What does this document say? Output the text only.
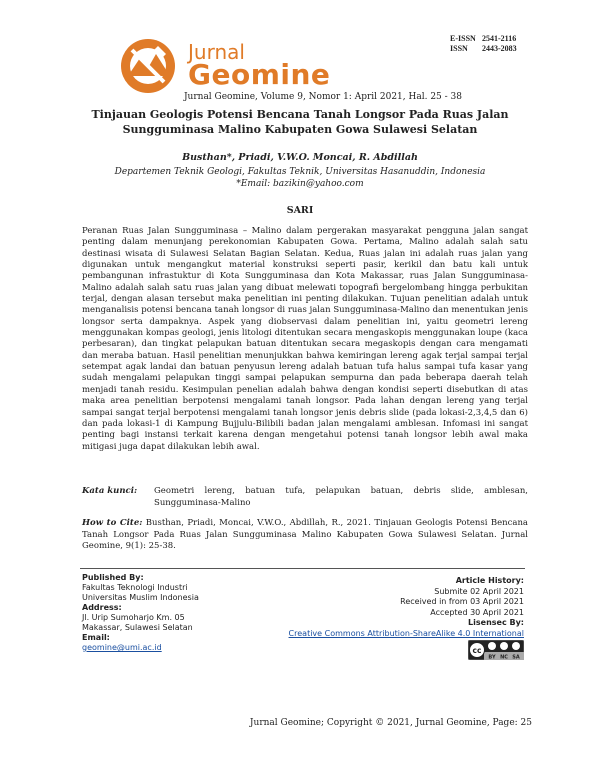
Jurnal
Geomine
E-ISSN 2541-2116
ISSN 2443-2083
Jurnal Geomine, Volume 9, Nomor 1: April 2021, Hal. 25 - 38
Tinjauan Geologis Potensi Bencana Tanah Longsor Pada Ruas Jalan
Sungguminasa Malino Kabupaten Gowa Sulawesi Selatan
Busthan*, Priadi, V.W.O. Moncai, R. Abdillah
Departemen Teknik Geologi, Fakultas Teknik, Universitas Hasanuddin, Indonesia
*Email: bazikin@yahoo.com
SARI

Peranan Ruas Jalan Sungguminasa – Malino dalam pergerakan masyarakat pengguna jalan sangat penting dalam menunjang perekonomian Kabupaten Gowa. Pertama, Malino adalah salah satu destinasi wisata di Sulawesi Selatan Bagian Selatan. Kedua, Ruas jalan ini adalah ruas jalan yang digunakan untuk mengangkut material konstruksi seperti pasir, kerikil dan batu kali untuk pembangunan infrastuktur di Kota Sungguminasa dan Kota Makassar, ruas Jalan Sungguminasa-Malino adalah salah satu ruas jalan yang dibuat melewati topografi bergelombang hingga perbukitan terjal, dengan alasan tersebut maka penelitian ini penting dilakukan. Tujuan penelitian adalah untuk menganalisis potensi bencana tanah longsor di ruas jalan Sungguminasa-Malino dan menentukan jenis longsor serta dampaknya. Aspek yang diobservasi dalam penelitian ini, yaitu geometri lereng menggunakan kompas geologi, jenis litologi ditentukan secara mengaskopis menggunakan loupe (kaca perbesaran), dan tingkat pelapukan batuan ditentukan secara megaskopis dengan cara mengamati dan meraba batuan. Hasil penelitian menunjukkan bahwa kemiringan lereng agak terjal sampai terjal setempat agak landai dan batuan penyusun lereng adalah batuan tufa halus sampai tufa kasar yang sudah mengalami pelapukan tinggi sampai pelapukan sempurna dan pada beberapa daerah telah menjadi tanah residu. Kesimpulan penelian adalah bahwa dengan kondisi seperti disebutkan di atas maka area penelitian berpotensi mengalami tanah longsor. Pada lahan dengan lereng yang terjal sampai sangat terjal berpotensi mengalami tanah longsor jenis debris slide (pada lokasi-2,3,4,5 dan 6) dan pada lokasi-1 di Kampung Bujjulu-Bilibili badan jalan mengalami amblesan. Infomasi ini sangat penting bagi instansi terkait karena dengan mengetahui potensi tanah longsor lebih awal maka mitigasi juga dapat dilakukan lebih awal.

Kata kunci:	Geometri lereng, batuan tufa, pelapukan batuan, debris slide, amblesan, Sungguminasa-Malino
How to Cite: Busthan, Priadi, Moncai, V.W.O., Abdillah, R., 2021. Tinjauan Geologis Potensi Bencana Tanah Longsor Pada Ruas Jalan Sungguminasa Malino Kabupaten Gowa Sulawesi Selatan. Jurnal Geomine, 9(1): 25-38.
Published By:
Fakultas Teknologi Industri
Universitas Muslim Indonesia
Address:
Jl. Urip Sumoharjo Km. 05
Makassar, Sulawesi Selatan
Email:
geomine@umi.ac.id
Article History:
Submite 02 April 2021
Received in from 03 April 2021
Accepted 30 April 2021
Lisensec By:
Creative Commons Attribution-ShareAlike 4.0 International
cc
BY NC SA
Jurnal Geomine; Copyright © 2021, Jurnal Geomine, Page: 25
